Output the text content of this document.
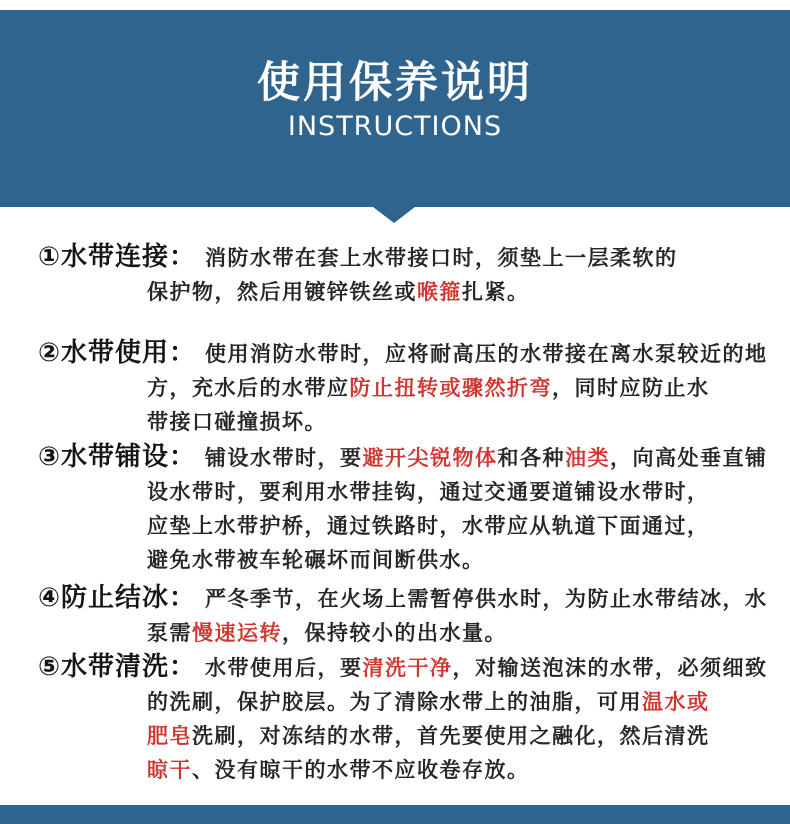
使用保养说明
INSTRUCTIONS
①水带连接： 消防水带在套上水带接口时，须垫上一层柔软的
保护物，然后用镀锌铁丝或喉箍扎紧。
②水带使用： 使用消防水带时，应将耐高压的水带接在离水泵较近的地
方，充水后的水带应防止扭转或骤然折弯，同时应防止水
带接口碰撞损坏。
③水带铺设： 铺设水带时，要避开尖锐物体和各种油类，向高处垂直铺
设水带时，要利用水带挂钩，通过交通要道铺设水带时，
应垫上水带护桥，通过铁路时，水带应从轨道下面通过，
避免水带被车轮碾坏而间断供水。
④防止结冰： 严冬季节，在火场上需暂停供水时，为防止水带结冰，水
泵需慢速运转，保持较小的出水量。
⑤水带清洗： 水带使用后，要清洗干净，对输送泡沫的水带，必须细致
的洗刷，保护胶层。为了清除水带上的油脂，可用温水或
肥皂洗刷，对冻结的水带，首先要使用之融化，然后清洗
晾干、没有晾干的水带不应收卷存放。
